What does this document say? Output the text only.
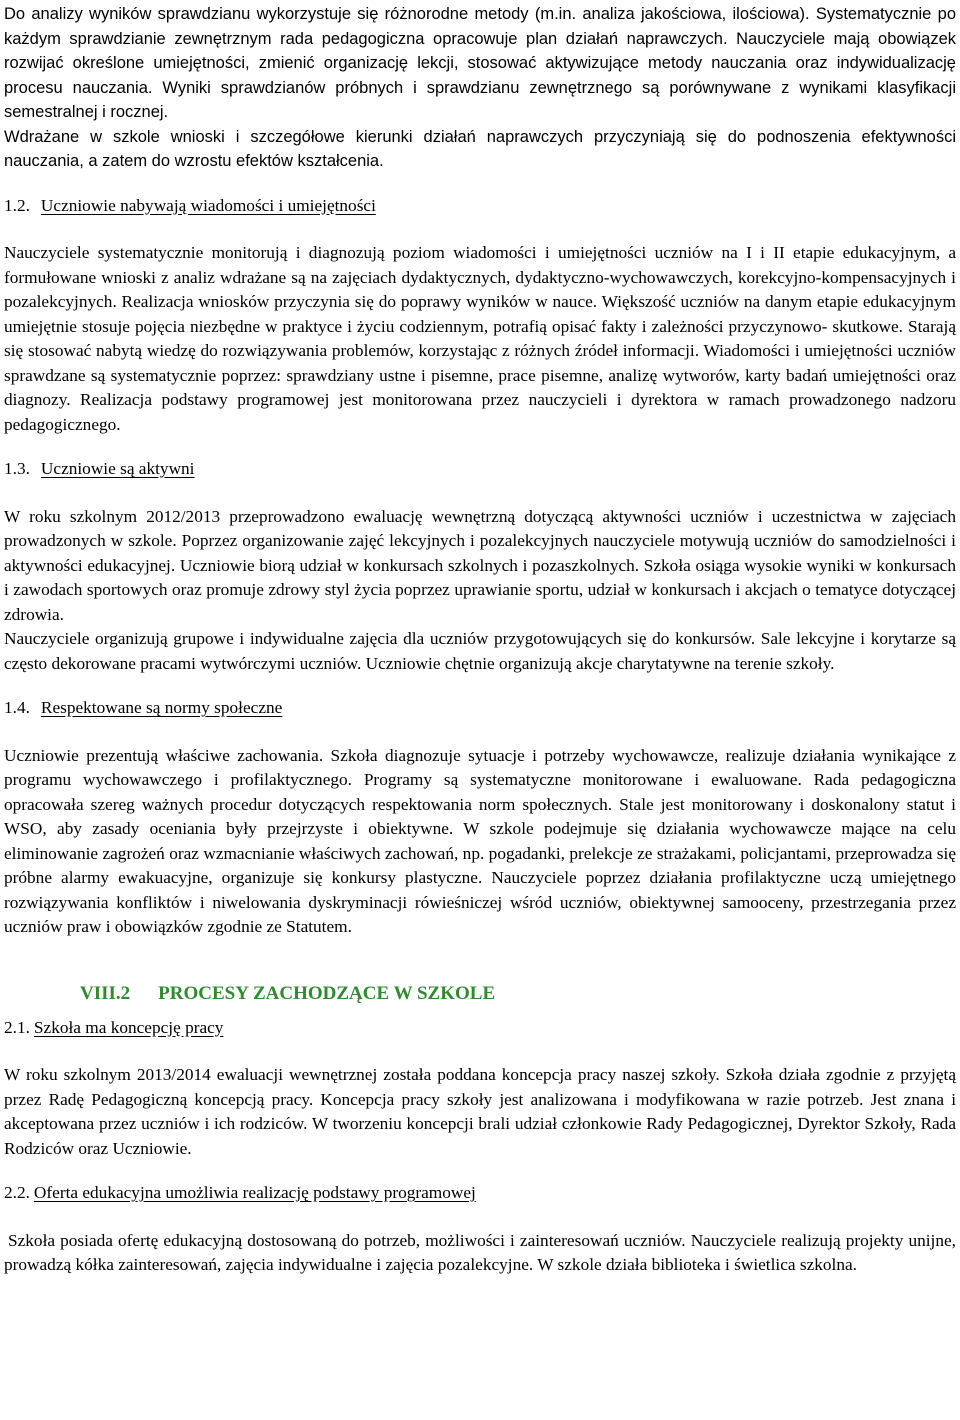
Do analizy wyników sprawdzianu wykorzystuje się różnorodne metody (m.in. analiza jakościowa, ilościowa). Systematycznie po każdym sprawdzianie zewnętrznym rada pedagogiczna opracowuje plan działań naprawczych. Nauczyciele mają obowiązek rozwijać określone umiejętności, zmienić organizację lekcji, stosować aktywizujące metody nauczania oraz indywidualizację procesu nauczania. Wyniki sprawdzianów próbnych i sprawdzianu zewnętrznego są porównywane z wynikami klasyfikacji semestralnej i rocznej.

Wdrażane w szkole wnioski i szczegółowe kierunki działań naprawczych przyczyniają się do podnoszenia efektywności nauczania, a zatem do wzrostu efektów kształcenia.

1.2. Uczniowie nabywają wiadomości i umiejętności

Nauczyciele systematycznie monitorują i diagnozują poziom wiadomości i umiejętności uczniów na I i II etapie edukacyjnym, a formułowane wnioski z analiz wdrażane są na zajęciach dydaktycznych, dydaktyczno-wychowawczych, korekcyjno-kompensacyjnych i pozalekcyjnych. Realizacja wniosków przyczynia się do poprawy wyników w nauce. Większość uczniów na danym etapie edukacyjnym umiejętnie stosuje pojęcia niezbędne w praktyce i życiu codziennym, potrafią opisać fakty i zależności przyczynowo- skutkowe. Starają się stosować nabytą wiedzę do rozwiązywania problemów, korzystając z różnych źródeł informacji. Wiadomości i umiejętności uczniów sprawdzane są systematycznie poprzez: sprawdziany ustne i pisemne, prace pisemne, analizę wytworów, karty badań umiejętności oraz diagnozy. Realizacja podstawy programowej jest monitorowana przez nauczycieli i dyrektora w ramach prowadzonego nadzoru pedagogicznego.

1.3. Uczniowie są aktywni

W roku szkolnym 2012/2013 przeprowadzono ewaluację wewnętrzną dotyczącą aktywności uczniów i uczestnictwa w zajęciach prowadzonych w szkole. Poprzez organizowanie zajęć lekcyjnych i pozalekcyjnych nauczyciele motywują uczniów do samodzielności i aktywności edukacyjnej. Uczniowie biorą udział w konkursach szkolnych i pozaszkolnych. Szkoła osiąga wysokie wyniki w konkursach i zawodach sportowych oraz promuje zdrowy styl życia poprzez uprawianie sportu, udział w konkursach i akcjach o tematyce dotyczącej zdrowia.

Nauczyciele organizują grupowe i indywidualne zajęcia dla uczniów przygotowujących się do konkursów. Sale lekcyjne i korytarze są często dekorowane pracami wytwórczymi uczniów. Uczniowie chętnie organizują akcje charytatywne na terenie szkoły.

1.4. Respektowane są normy społeczne

Uczniowie prezentują właściwe zachowania. Szkoła diagnozuje sytuacje i potrzeby wychowawcze, realizuje działania wynikające z programu wychowawczego i profilaktycznego. Programy są systematyczne monitorowane i ewaluowane. Rada pedagogiczna opracowała szereg ważnych procedur dotyczących respektowania norm społecznych. Stale jest monitorowany i doskonalony statut i WSO, aby zasady oceniania były przejrzyste i obiektywne. W szkole podejmuje się działania wychowawcze mające na celu eliminowanie zagrożeń oraz wzmacnianie właściwych zachowań, np. pogadanki, prelekcje ze strażakami, policjantami, przeprowadza się próbne alarmy ewakuacyjne, organizuje się konkursy plastyczne. Nauczyciele poprzez działania profilaktyczne uczą umiejętnego rozwiązywania konfliktów i niwelowania dyskryminacji rówieśniczej wśród uczniów, obiektywnej samooceny, przestrzegania przez uczniów praw i obowiązków zgodnie ze Statutem.

VIII.2 PROCESY ZACHODZĄCE W SZKOLE
2.1. Szkoła ma koncepcję pracy

W roku szkolnym 2013/2014 ewaluacji wewnętrznej została poddana koncepcja pracy naszej szkoły. Szkoła działa zgodnie z przyjętą przez Radę Pedagogiczną koncepcją pracy. Koncepcja pracy szkoły jest analizowana i modyfikowana w razie potrzeb. Jest znana i akceptowana przez uczniów i ich rodziców. W tworzeniu koncepcji brali udział członkowie Rady Pedagogicznej, Dyrektor Szkoły, Rada Rodziców oraz Uczniowie.

2.2. Oferta edukacyjna umożliwia realizację podstawy programowej

Szkoła posiada ofertę edukacyjną dostosowaną do potrzeb, możliwości i zainteresowań uczniów. Nauczyciele realizują projekty unijne, prowadzą kółka zainteresowań, zajęcia indywidualne i zajęcia pozalekcyjne. W szkole działa biblioteka i świetlica szkolna.
